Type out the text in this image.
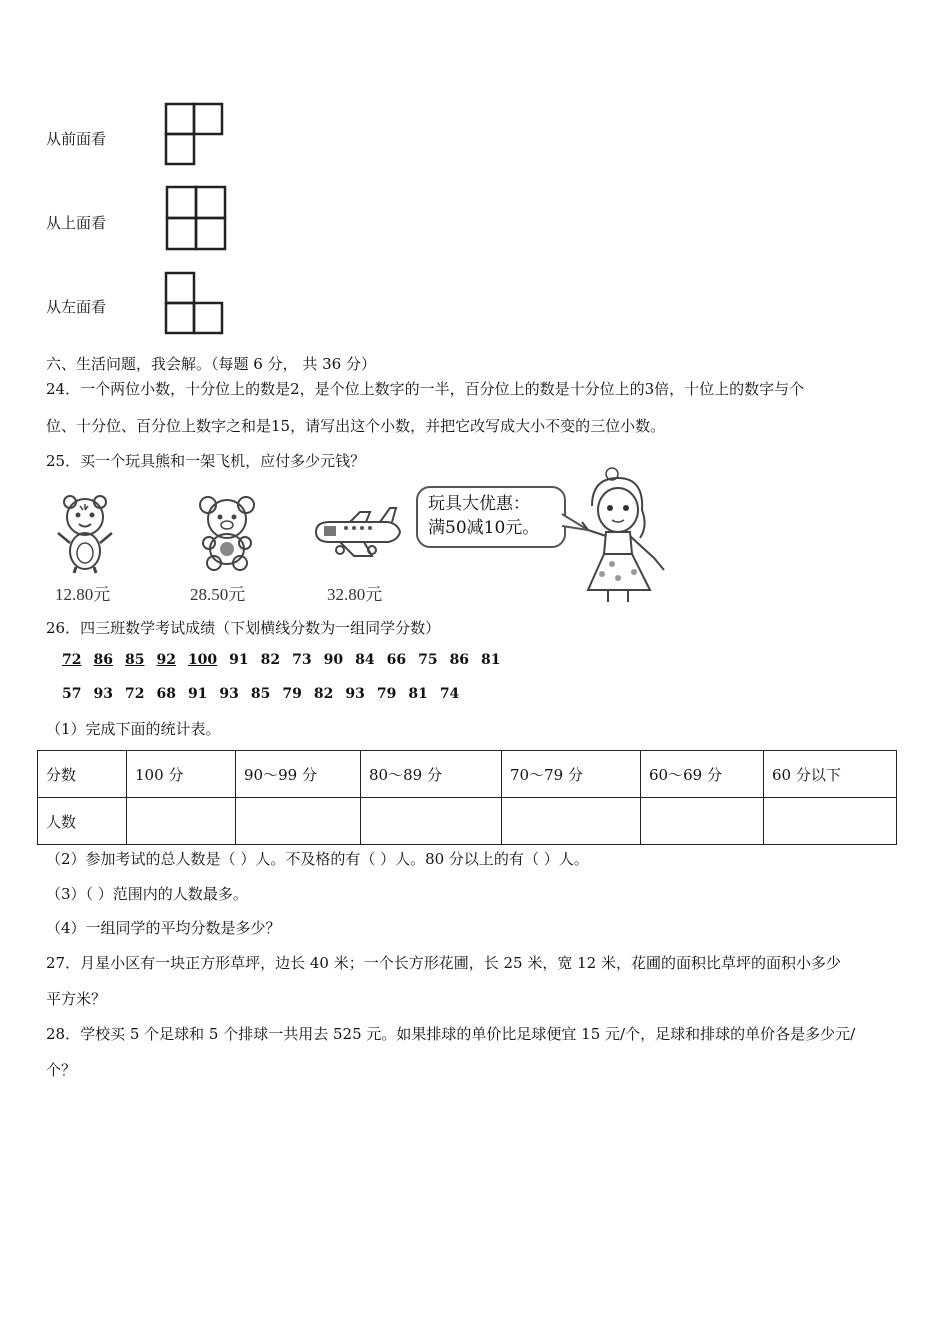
从前面看
从上面看
从左面看
六、生活问题，我会解。（每题 6 分， 共 36 分）
24．一个两位小数，十分位上的数是2，是个位上数字的一半，百分位上的数是十分位上的3倍，十位上的数字与个
位、十分位、百分位上数字之和是15，请写出这个小数，并把它改写成大小不变的三位小数。
25．买一个玩具熊和一架飞机，应付多少元钱？
12.80元	28.50元	32.80元
玩具大优惠：
满50减10元。
26．四三班数学考试成绩（下划横线分数为一组同学分数）
72 86 85 92 100 91 82 73 90 84 66 75 86 81
57 93 72 68 91 93 85 79 82 93 79 81 74
（1）完成下面的统计表。
分数	100 分	90～99 分	80～89 分	70～79 分	60～69 分	60 分以下
人数						
（2）参加考试的总人数是（ ）人。不及格的有（ ）人。80 分以上的有（ ）人。
（3）（ ）范围内的人数最多。
（4）一组同学的平均分数是多少？
27．月星小区有一块正方形草坪，边长 40 米；一个长方形花圃，长 25 米，宽 12 米，花圃的面积比草坪的面积小多少
平方米？
28．学校买 5 个足球和 5 个排球一共用去 525 元。如果排球的单价比足球便宜 15 元/个，足球和排球的单价各是多少元/
个？
